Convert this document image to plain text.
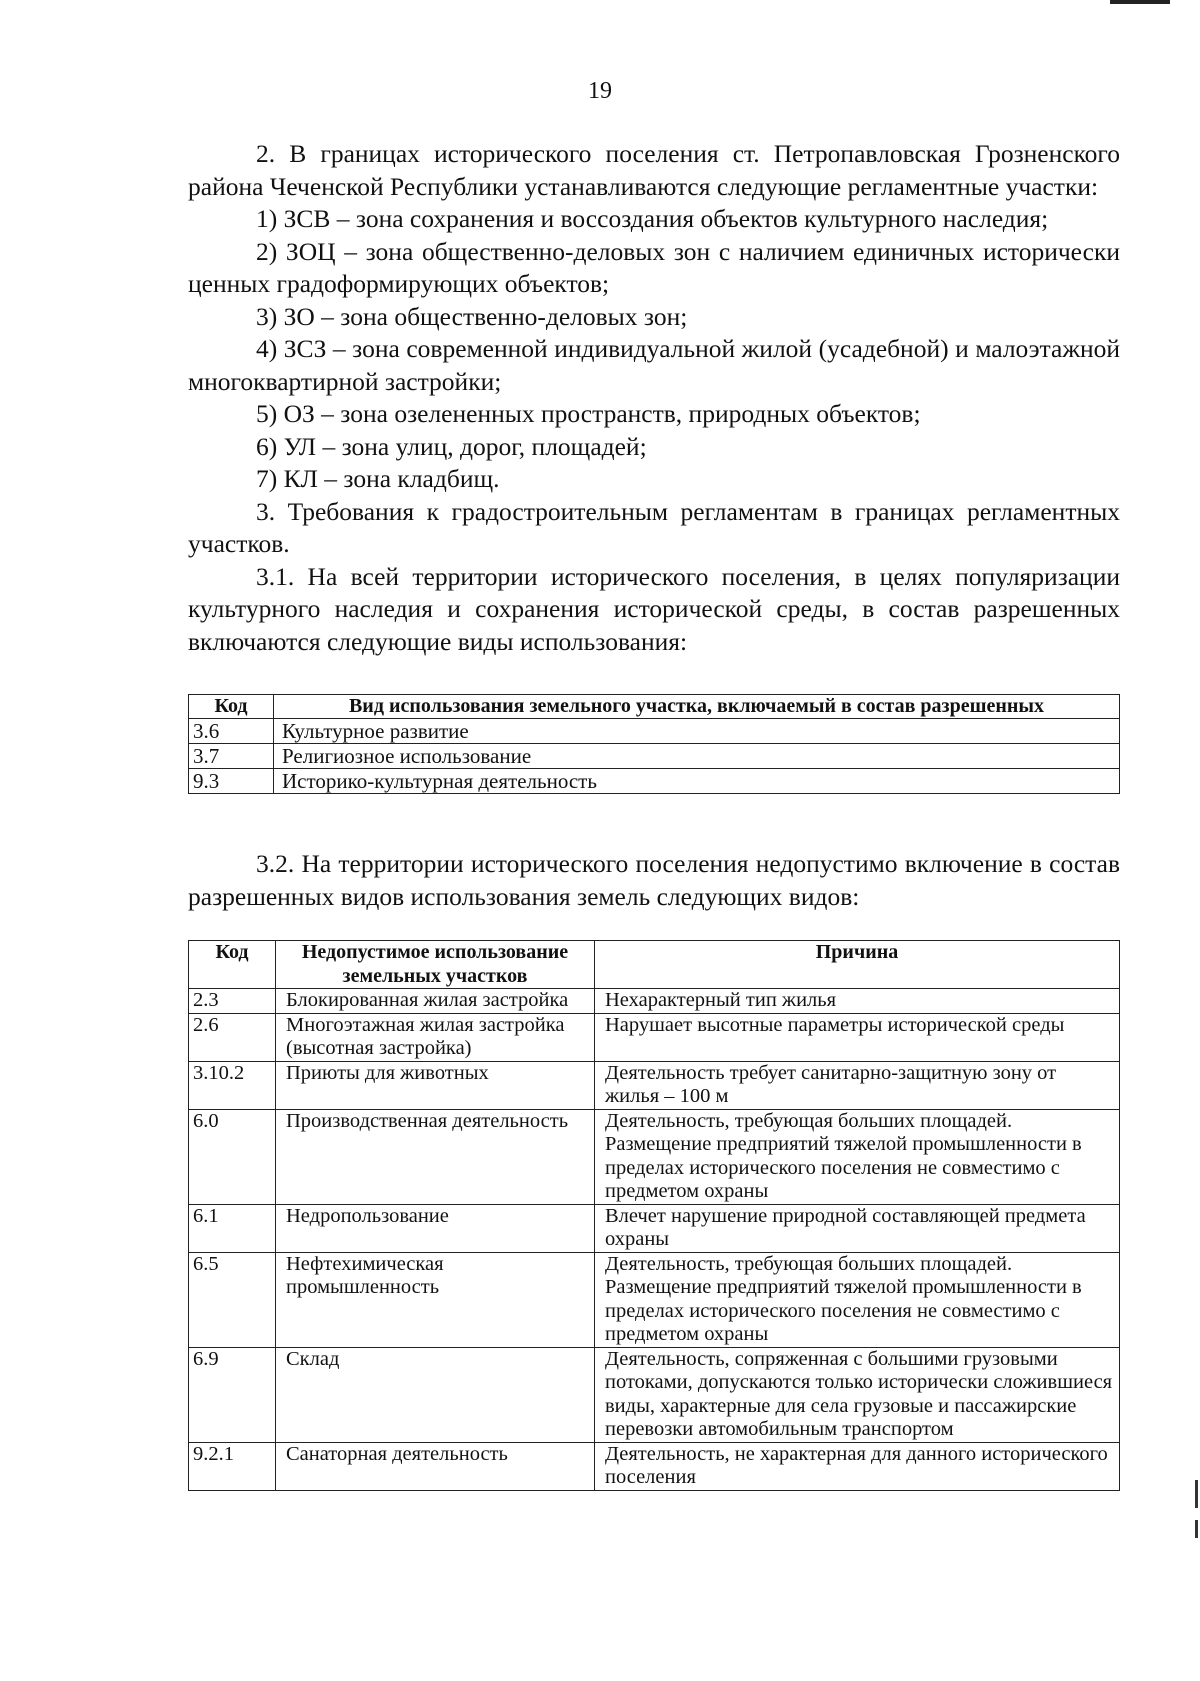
19

2. В границах исторического поселения ст. Петропавловская Грозненского района Чеченской Республики устанавливаются следующие регламентные участки:

1) ЗСВ – зона сохранения и воссоздания объектов культурного наследия;

2) ЗОЦ – зона общественно-деловых зон с наличием единичных исторически ценных градоформирующих объектов;

3) ЗО – зона общественно-деловых зон;

4) ЗСЗ – зона современной индивидуальной жилой (усадебной) и малоэтажной многоквартирной застройки;

5) ОЗ – зона озелененных пространств, природных объектов;

6) УЛ – зона улиц, дорог, площадей;

7) КЛ – зона кладбищ.

3. Требования к градостроительным регламентам в границах регламентных участков.

3.1. На всей территории исторического поселения, в целях популяризации культурного наследия и сохранения исторической среды, в состав разрешенных включаются следующие виды использования:

Код	Вид использования земельного участка, включаемый в состав разрешенных
3.6	Культурное развитие
3.7	Религиозное использование
9.3	Историко-культурная деятельность

3.2. На территории исторического поселения недопустимо включение в состав разрешенных видов использования земель следующих видов:

Код	Недопустимое использование земельных участков	Причина
2.3	Блокированная жилая застройка	Нехарактерный тип жилья
2.6	Многоэтажная жилая застройка (высотная застройка)	Нарушает высотные параметры исторической среды
3.10.2	Приюты для животных	Деятельность требует санитарно-защитную зону от жилья – 100 м
6.0	Производственная деятельность	Деятельность, требующая больших площадей. Размещение предприятий тяжелой промышленности в пределах исторического поселения не совместимо с предметом охраны
6.1	Недропользование	Влечет нарушение природной составляющей предмета охраны
6.5	Нефтехимическая промышленность	Деятельность, требующая больших площадей. Размещение предприятий тяжелой промышленности в пределах исторического поселения не совместимо с предметом охраны
6.9	Склад	Деятельность, сопряженная с большими грузовыми потоками, допускаются только исторически сложившиеся виды, характерные для села грузовые и пассажирские перевозки автомобильным транспортом
9.2.1	Санаторная деятельность	Деятельность, не характерная для данного исторического поселения
